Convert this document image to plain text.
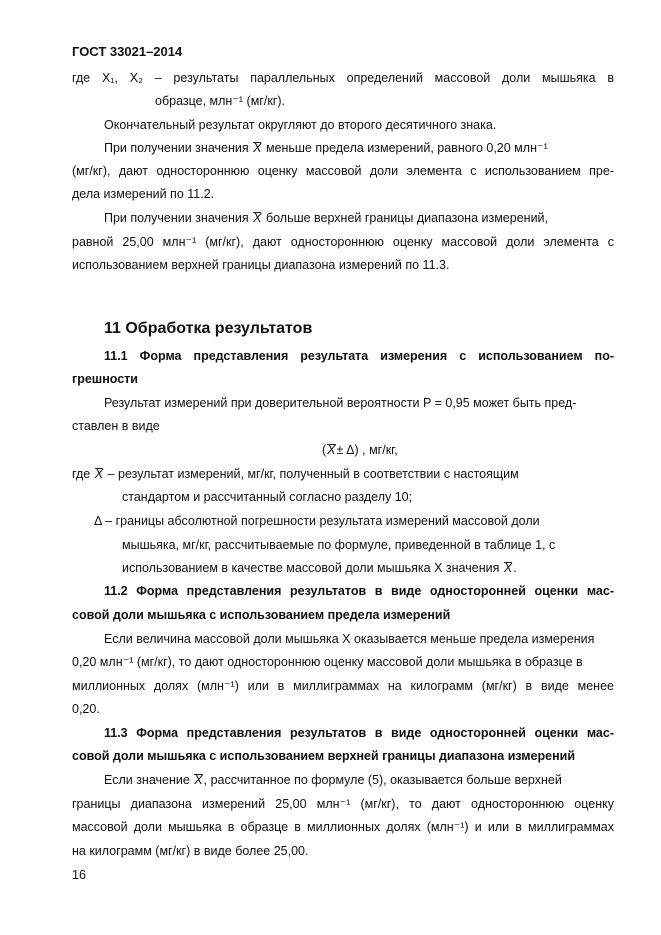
ГОСТ 33021–2014
где X₁, X₂ – результаты параллельных определений массовой доли мышьяка в
образце, млн⁻¹ (мг/кг).
Окончательный результат округляют до второго десятичного знака.
При получении значения X меньше предела измерений, равного 0,20 млн⁻¹
(мг/кг), дают одностороннюю оценку массовой доли элемента с использованием пре-
дела измерений по 11.2.
При получении значения X больше верхней границы диапазона измерений,
равной 25,00 млн⁻¹ (мг/кг), дают одностороннюю оценку массовой доли элемента с
использованием верхней границы диапазона измерений по 11.3.
11 Обработка результатов
11.1 Форма представления результата измерения с использованием по-
грешности
Результат измерений при доверительной вероятности P = 0,95 может быть пред-
ставлен в виде
(X± Δ) , мг/кг,
где X – результат измерений, мг/кг, полученный в соответствии с настоящим
стандартом и рассчитанный согласно разделу 10;
Δ – границы абсолютной погрешности результата измерений массовой доли
мышьяка, мг/кг, рассчитываемые по формуле, приведенной в таблице 1, с
использованием в качестве массовой доли мышьяка X значения X.
11.2 Форма представления результатов в виде односторонней оценки мас-
совой доли мышьяка с использованием предела измерений
Если величина массовой доли мышьяка X оказывается меньше предела измерения
0,20 млн⁻¹ (мг/кг), то дают одностороннюю оценку массовой доли мышьяка в образце в
миллионных долях (млн⁻¹) или в миллиграммах на килограмм (мг/кг) в виде менее
0,20.
11.3 Форма представления результатов в виде односторонней оценки мас-
совой доли мышьяка с использованием верхней границы диапазона измерений
Если значение X, рассчитанное по формуле (5), оказывается больше верхней
границы диапазона измерений 25,00 млн⁻¹ (мг/кг), то дают одностороннюю оценку
массовой доли мышьяка в образце в миллионных долях (млн⁻¹) и или в миллиграммах
на килограмм (мг/кг) в виде более 25,00.
16
